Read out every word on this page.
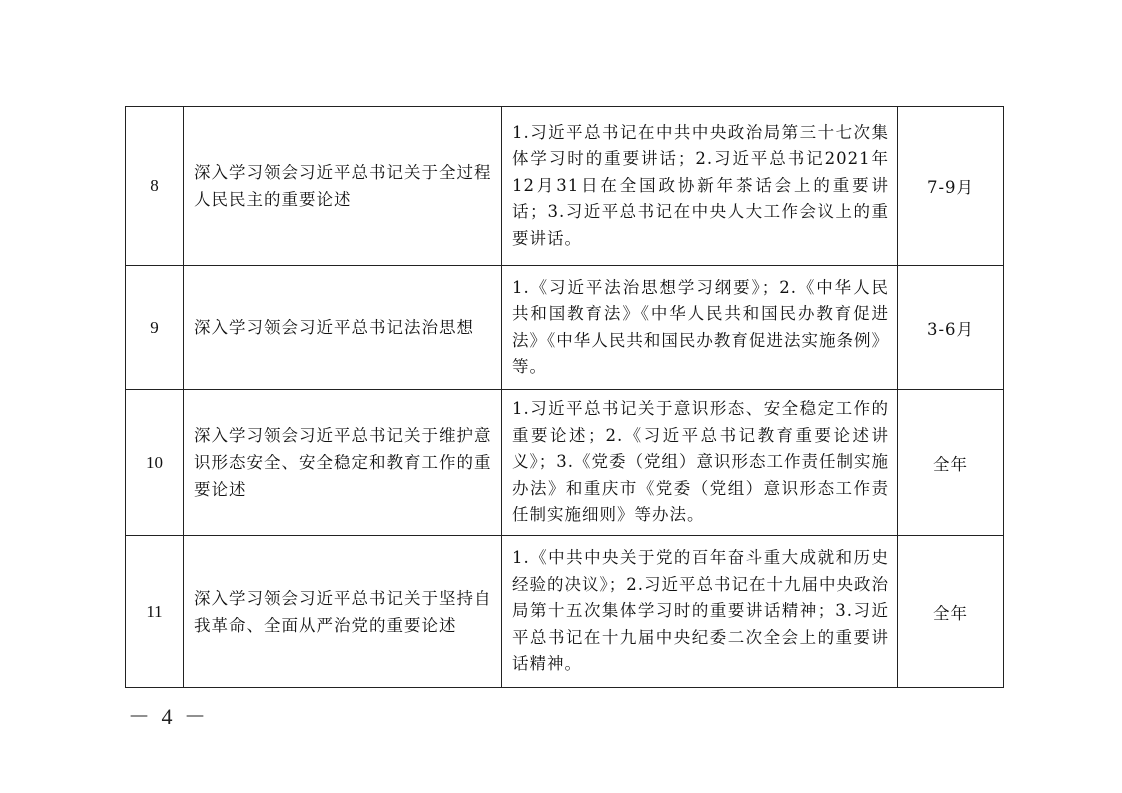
8	深入学习领会习近平总书记关于全过程人民民主的重要论述	1.习近平总书记在中共中央政治局第三十七次集体学习时的重要讲话；2.习近平总书记2021年12月31日在全国政协新年茶话会上的重要讲话；3.习近平总书记在中央人大工作会议上的重要讲话。	7-9月
9	深入学习领会习近平总书记法治思想	1.《习近平法治思想学习纲要》；2.《中华人民共和国教育法》《中华人民共和国民办教育促进法》《中华人民共和国民办教育促进法实施条例》等。	3-6月
10	深入学习领会习近平总书记关于维护意识形态安全、安全稳定和教育工作的重要论述	1.习近平总书记关于意识形态、安全稳定工作的重要论述；2.《习近平总书记教育重要论述讲义》；3.《党委（党组）意识形态工作责任制实施办法》和重庆市《党委（党组）意识形态工作责任制实施细则》等办法。	全年
11	深入学习领会习近平总书记关于坚持自我革命、全面从严治党的重要论述	1.《中共中央关于党的百年奋斗重大成就和历史经验的决议》；2.习近平总书记在十九届中央政治局第十五次集体学习时的重要讲话精神；3.习近平总书记在十九届中央纪委二次全会上的重要讲话精神。	全年
－ 4 －
